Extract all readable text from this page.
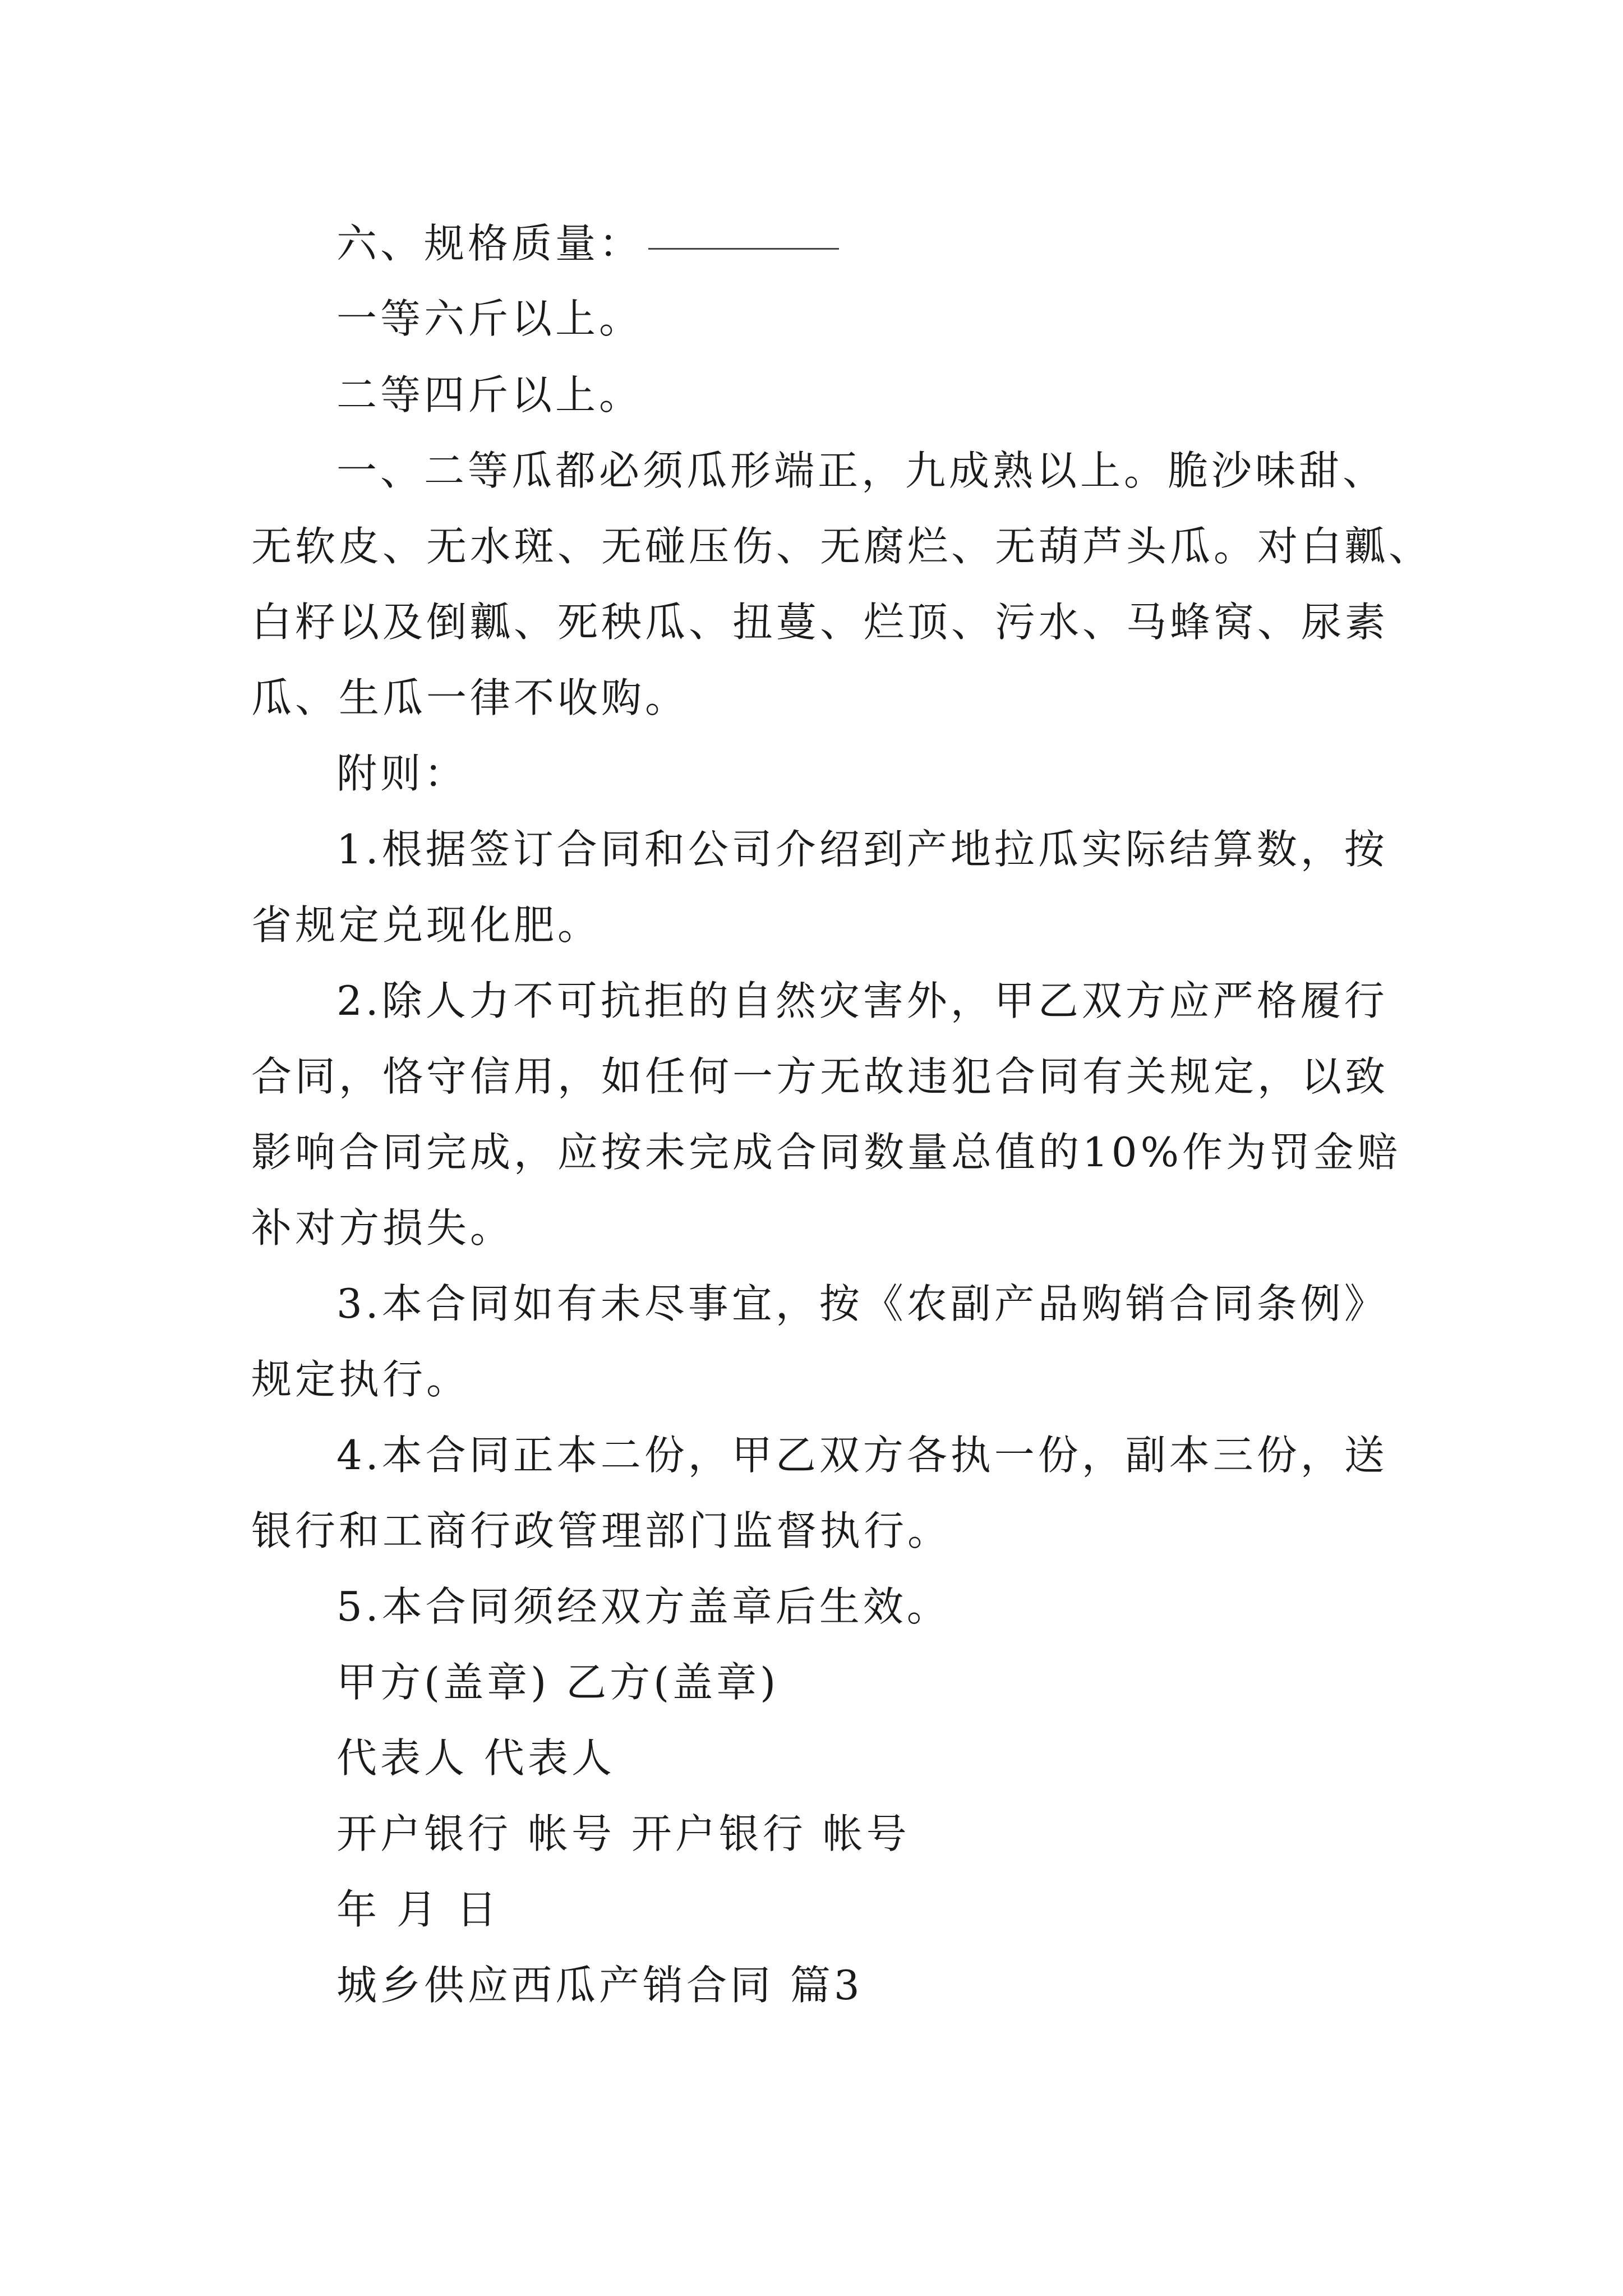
六、规格质量：
一等六斤以上。
二等四斤以上。
一、二等瓜都必须瓜形端正，九成熟以上。脆沙味甜、
无软皮、无水斑、无碰压伤、无腐烂、无葫芦头瓜。对白瓤、
白籽以及倒瓤、死秧瓜、扭蔓、烂顶、污水、马蜂窝、尿素
瓜、生瓜一律不收购。
附则：
1.根据签订合同和公司介绍到产地拉瓜实际结算数，按
省规定兑现化肥。
2.除人力不可抗拒的自然灾害外，甲乙双方应严格履行
合同，恪守信用，如任何一方无故违犯合同有关规定，以致
影响合同完成，应按未完成合同数量总值的10%作为罚金赔
补对方损失。
3.本合同如有未尽事宜，按《农副产品购销合同条例》
规定执行。
4.本合同正本二份，甲乙双方各执一份，副本三份，送
银行和工商行政管理部门监督执行。
5.本合同须经双方盖章后生效。
甲方(盖章) 乙方(盖章)
代表人 代表人
开户银行 帐号 开户银行 帐号
年 月 日
城乡供应西瓜产销合同 篇3
